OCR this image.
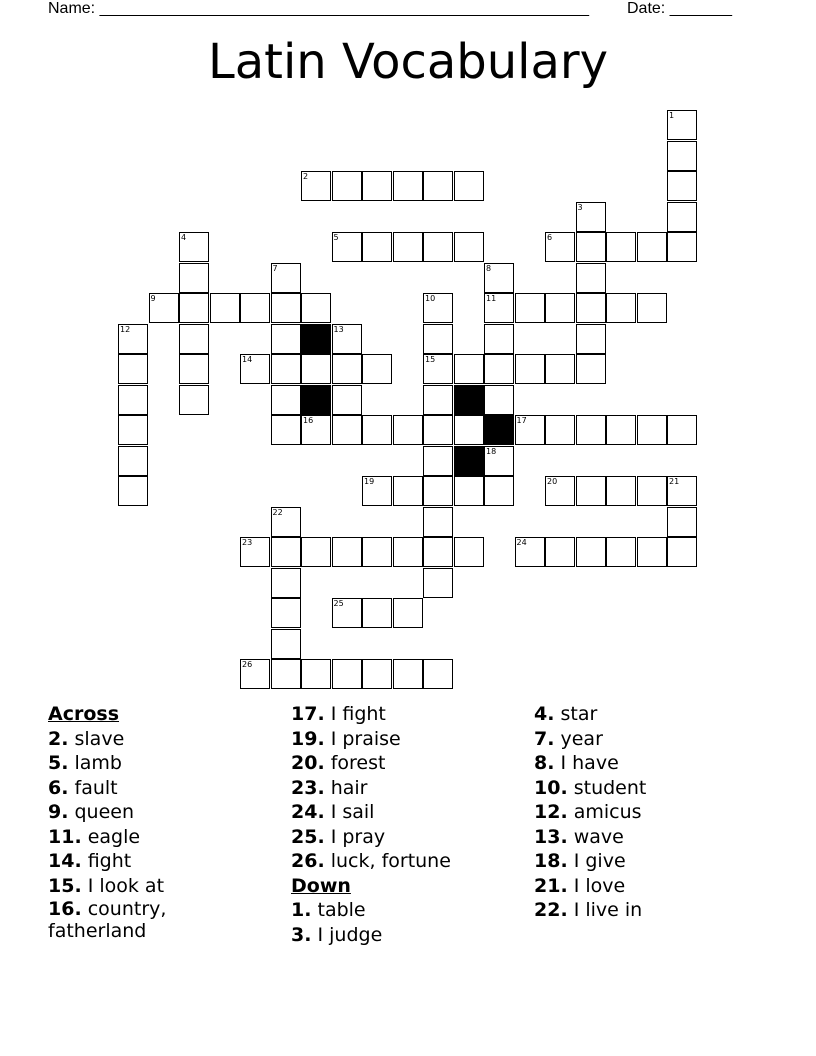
Name: _______________________________________________________ Date: _______
Latin Vocabulary
2
5	6
9	11
14	15
16	17
19	20	21
23	24
25
26
1
3
4
7	8
10
12	13
22
18
Across
2. slave
5. lamb
6. fault
9. queen
11. eagle
14. fight
15. I look at
16. country, fatherland
17. I fight
19. I praise
20. forest
23. hair
24. I sail
25. I pray
26. luck, fortune
Down
1. table
3. I judge
4. star
7. year
8. I have
10. student
12. amicus
13. wave
18. I give
21. I love
22. I live in
